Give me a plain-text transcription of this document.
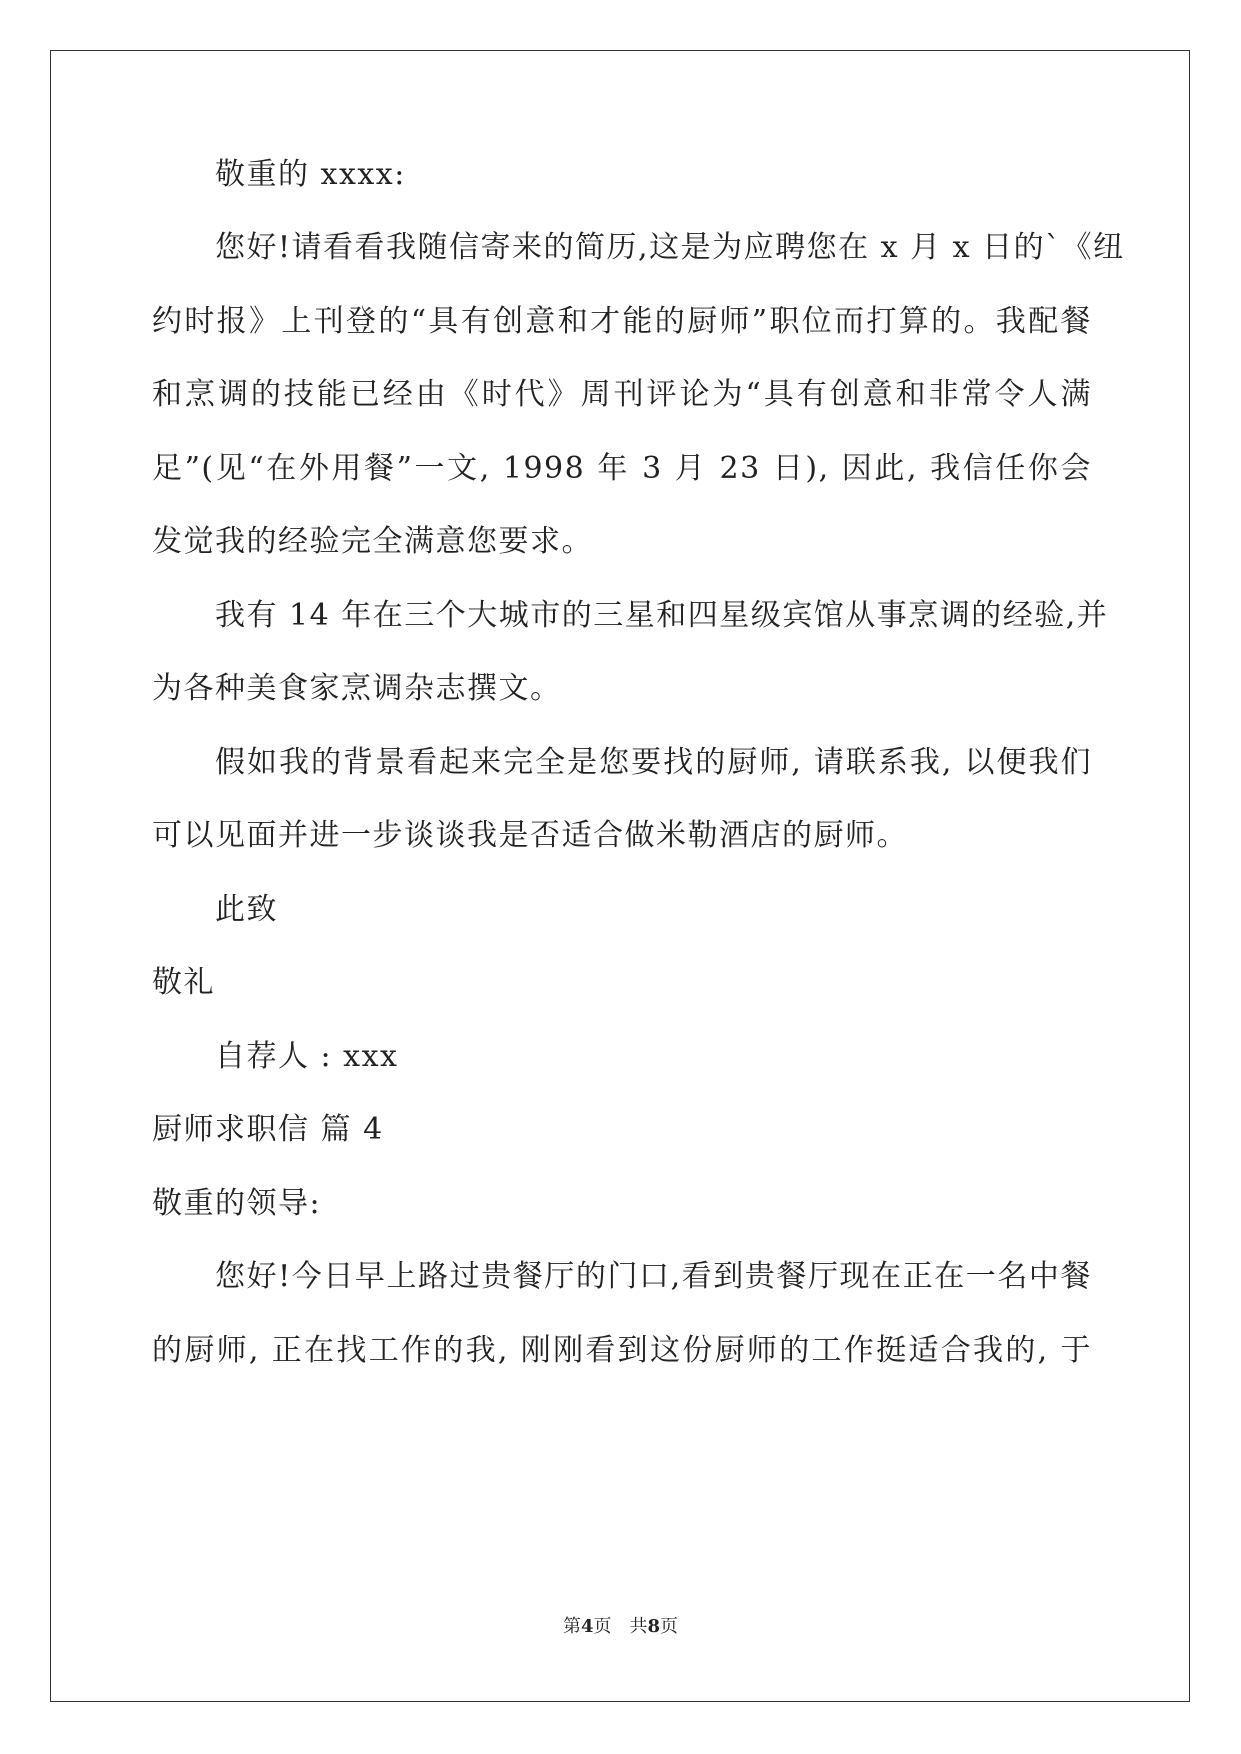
敬重的 xxxx:
您好!请看看我随信寄来的简历,这是为应聘您在 x 月 x 日的`《纽
约时报》上刊登的“具有创意和才能的厨师”职位而打算的。我配餐
和烹调的技能已经由《时代》周刊评论为“具有创意和非常令人满
足”(见“在外用餐”一文, 1998 年 3 月 23 日), 因此, 我信任你会
发觉我的经验完全满意您要求。
我有 14 年在三个大城市的三星和四星级宾馆从事烹调的经验,并
为各种美食家烹调杂志撰文。
假如我的背景看起来完全是您要找的厨师, 请联系我, 以便我们
可以见面并进一步谈谈我是否适合做米勒酒店的厨师。
此致
敬礼
自荐人 : xxx
厨师求职信 篇 4
敬重的领导:
您好!今日早上路过贵餐厅的门口,看到贵餐厅现在正在一名中餐
的厨师, 正在找工作的我, 刚刚看到这份厨师的工作挺适合我的, 于
第4页　共8页
